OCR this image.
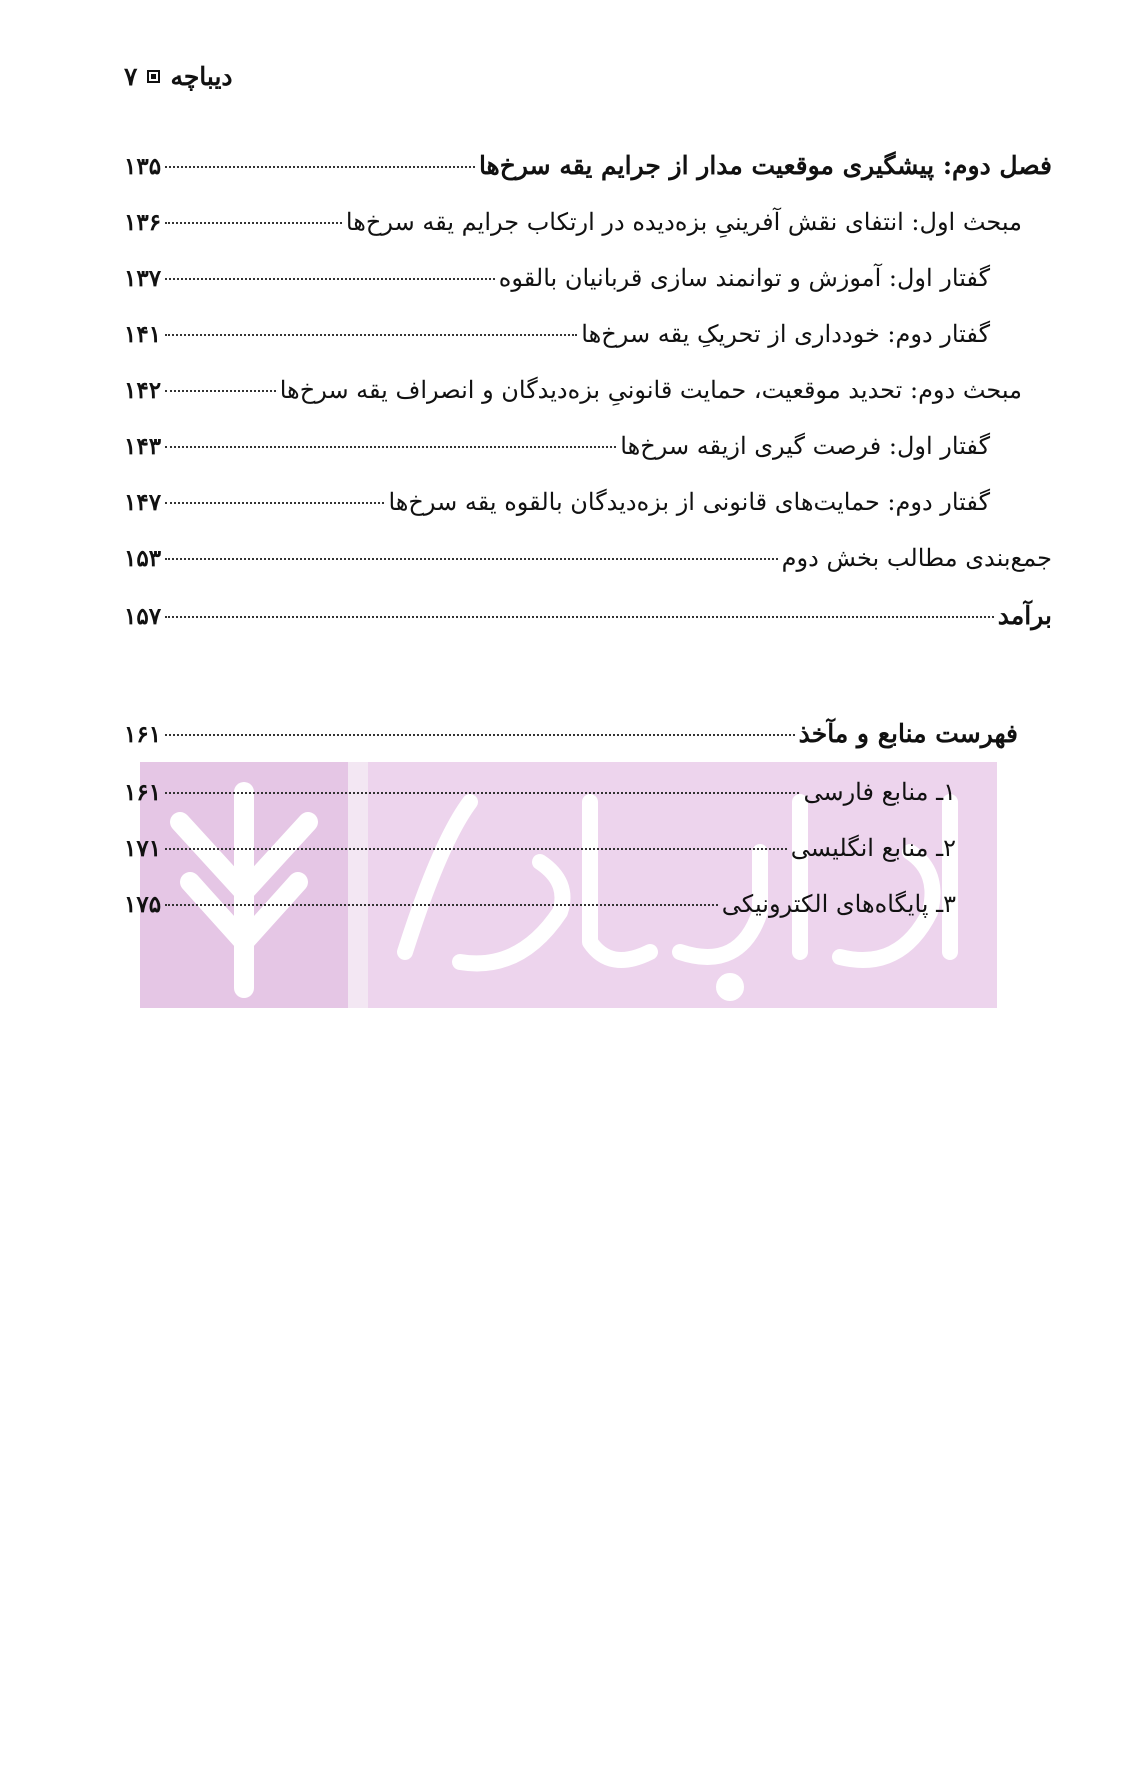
دیباچه
۷
فصل دوم: پیشگیری موقعیت مدار از جرایم یقه سرخ‌ها
۱۳۵
مبحث اول: انتفای نقش آفرینیِ بزه‌دیده در ارتکاب جرایم یقه سرخ‌ها
۱۳۶
گفتار اول: آموزش و توانمند سازی قربانیان بالقوه
۱۳۷
گفتار دوم: خودداری از تحریکِ یقه سرخ‌ها
۱۴۱
مبحث دوم: تحدید موقعیت، حمایت قانونیِ بزه‌دیدگان و انصراف یقه سرخ‌ها
۱۴۲
گفتار اول: فرصت گیری ازیقه سرخ‌ها
۱۴۳
گفتار دوم: حمایت‌های قانونی از بزه‌دیدگان بالقوه یقه سرخ‌ها
۱۴۷
جمع‌بندی مطالب بخش دوم
۱۵۳
برآمد
۱۵۷
فهرست منابع و مآخذ
۱۶۱
۱ـ منابع فارسی
۱۶۱
۲ـ منابع انگلیسی
۱۷۱
۳ـ پایگاه‌های الکترونیکی
۱۷۵
